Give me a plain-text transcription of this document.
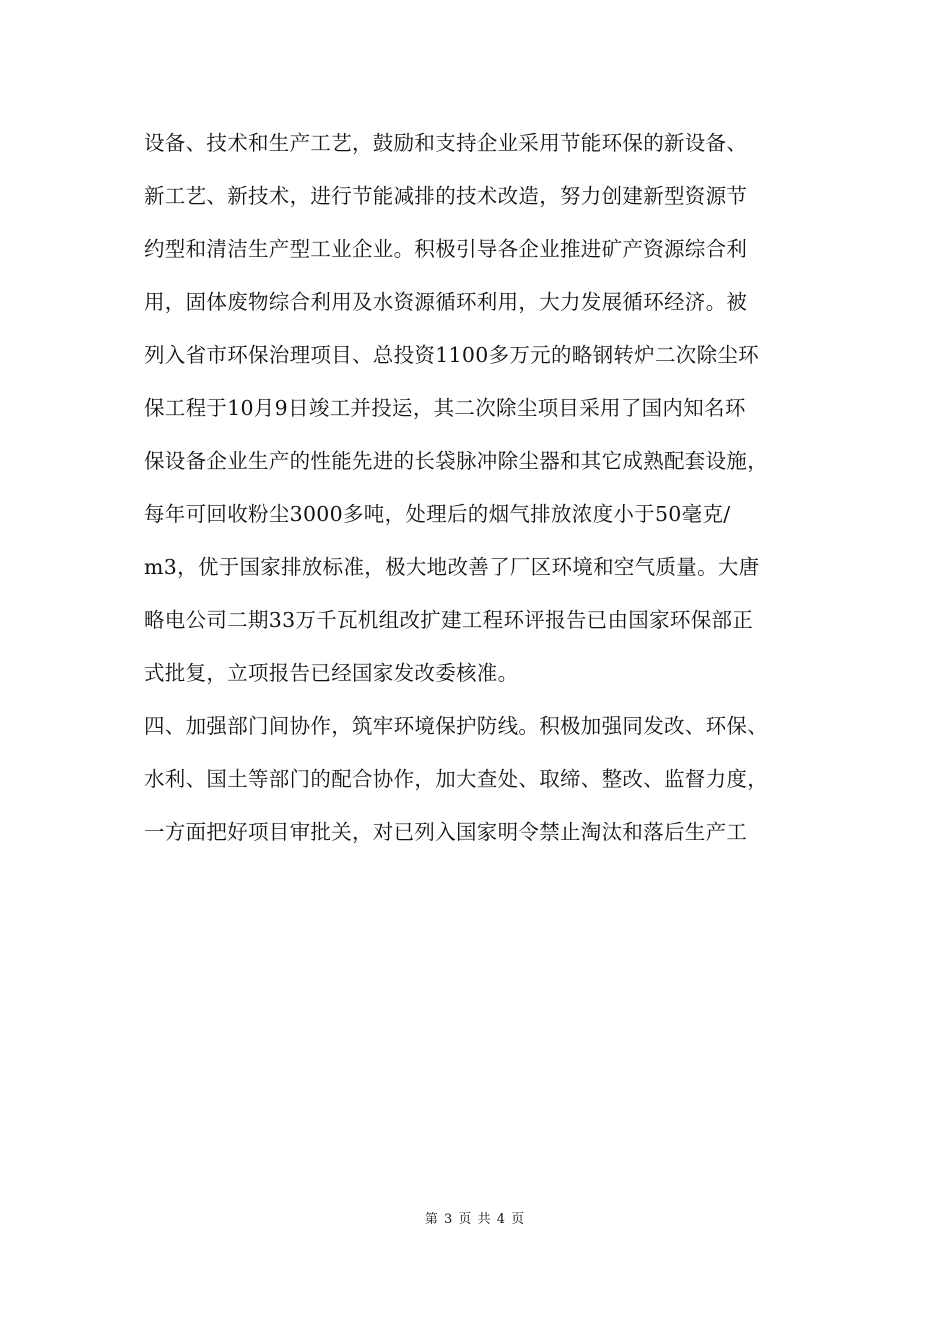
设备、技术和生产工艺，鼓励和支持企业采用节能环保的新设备、
新工艺、新技术，进行节能减排的技术改造，努力创建新型资源节
约型和清洁生产型工业企业。积极引导各企业推进矿产资源综合利
用，固体废物综合利用及水资源循环利用，大力发展循环经济。被
列入省市环保治理项目、总投资1100多万元的略钢转炉二次除尘环
保工程于10月9日竣工并投运，其二次除尘项目采用了国内知名环
保设备企业生产的性能先进的长袋脉冲除尘器和其它成熟配套设施，
每年可回收粉尘3000多吨，处理后的烟气排放浓度小于50毫克/
m3，优于国家排放标准，极大地改善了厂区环境和空气质量。大唐
略电公司二期33万千瓦机组改扩建工程环评报告已由国家环保部正
式批复，立项报告已经国家发改委核准。
四、加强部门间协作，筑牢环境保护防线。积极加强同发改、环保、
水利、国土等部门的配合协作，加大查处、取缔、整改、监督力度，
一方面把好项目审批关，对已列入国家明令禁止淘汰和落后生产工
第 3 页 共 4 页
